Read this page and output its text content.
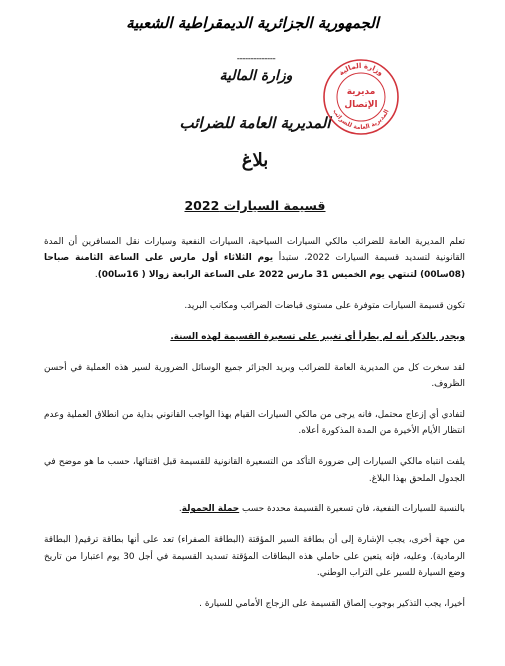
الجمهورية الجزائرية الديمقراطية الشعبية
--------------
وزارة المالية
المديرية العامة للضرائب
وزارة المالية
المديرية العامة للضرائب
مديرية
الإتصال
بلاغ
قسيمة السيارات 2022

تعلم المديرية العامة للضرائب مالكي السيارات السياحية، السيارات النفعية وسيارات نقل المسافرين أن المدة القانونية لتسديد قسيمة السيارات 2022، ستبدأ يوم الثلاثاء أول مارس على الساعة الثامنة صباحا (08سا00) لتنتهي يوم الخميس 31 مارس 2022 على الساعة الرابعة زوالا ( 16سا00).

تكون قسيمة السيارات متوفرة على مستوى قباضات الضرائب ومكاتب البريد.

ويجدر بالذكر أنه لم يطرأ أي تغيير على تسعيرة القسيمة لهذه السنة.

لقد سخرت كل من المديرية العامة للضرائب وبريد الجزائر جميع الوسائل الضرورية لسير هذه العملية في أحسن الظروف.

لتفادي أي إزعاج محتمل، فانه يرجى من مالكي السيارات القيام بهذا الواجب القانوني بداية من انطلاق العملية وعدم انتظار الأيام الأخيرة من المدة المذكورة أعلاه.

يلفت انتباه مالكي السيارات إلى ضرورة التأكد من التسعيرة القانونية للقسيمة قبل اقتنائها، حسب ما هو موضح في الجدول الملحق بهذا البلاغ.

بالنسبة للسيارات النفعية، فان تسعيرة القسيمة محددة حسب جملة الحمولة.

من جهة أخرى، يجب الإشارة إلى أن بطاقة السير المؤقتة (البطاقة الصفراء) تعد على أنها بطاقة ترقيم( البطاقة الرمادية). وعليه، فإنه يتعين على حاملي هذه البطاقات المؤقتة تسديد القسيمة في أجل 30 يوم اعتبارا من تاريخ وضع السيارة للسير على التراب الوطني.

أخيرا، يجب التذكير بوجوب إلصاق القسيمة على الزجاج الأمامي للسيارة .
